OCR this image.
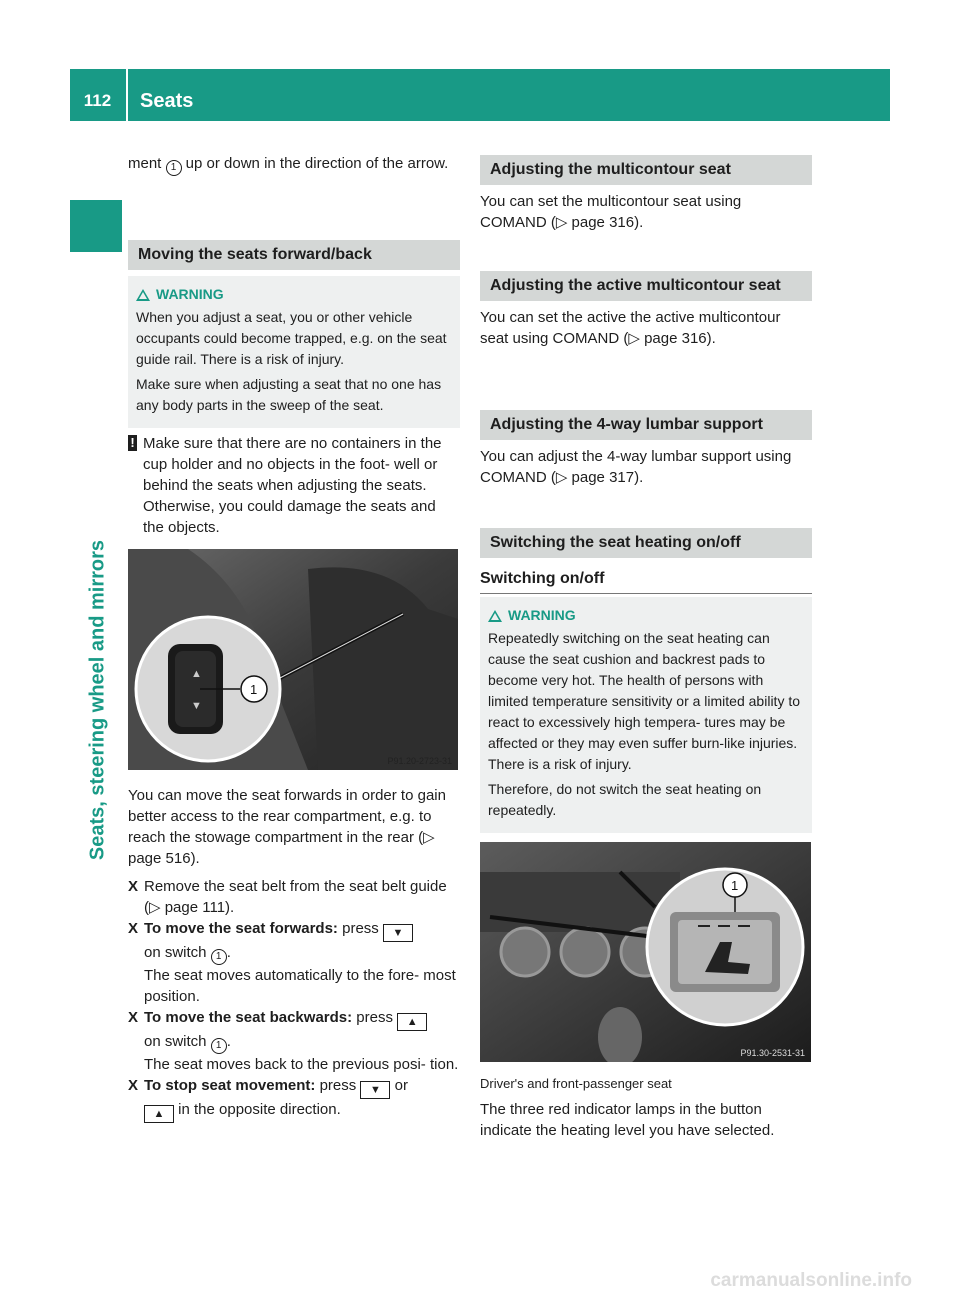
112	Seats
Seats, steering wheel and mirrors

ment 1 up or down in the direction of the arrow.

Moving the seats forward/back
WARNING

When you adjust a seat, you or other vehicle occupants could become trapped, e.g. on the seat guide rail. There is a risk of injury.

Make sure when adjusting a seat that no one has any body parts in the sweep of the seat.

! Make sure that there are no containers in the cup holder and no objects in the foot- well or behind the seats when adjusting the seats. Otherwise, you could damage the seats and the objects.
▲
▼
1
P91.20-2723-31

You can move the seat forwards in order to gain better access to the rear compartment, e.g. to reach the stowage compartment in the rear (▷ page 516).

X Remove the seat belt from the seat belt guide (▷ page 111).
X To move the seat forwards: press ▼
on switch 1 .
The seat moves automatically to the fore- most position.
X To move the seat backwards: press ▲
on switch 1 .
The seat moves back to the previous posi- tion.
X To stop seat movement: press ▼ or
▲ in the opposite direction.
Adjusting the multicontour seat

You can set the multicontour seat using COMAND (▷ page 316).

Adjusting the active multicontour seat

You can set the active the active multicontour seat using COMAND (▷ page 316).

Adjusting the 4-way lumbar support

You can adjust the 4-way lumbar support using COMAND (▷ page 317).

Switching the seat heating on/off
Switching on/off
WARNING

Repeatedly switching on the seat heating can cause the seat cushion and backrest pads to become very hot. The health of persons with limited temperature sensitivity or a limited ability to react to excessively high tempera- tures may be affected or they may even suffer burn-like injuries. There is a risk of injury.

Therefore, do not switch the seat heating on repeatedly.

1
P91.30-2531-31
Driver's and front-passenger seat

The three red indicator lamps in the button indicate the heating level you have selected.

carmanualsonline.info
